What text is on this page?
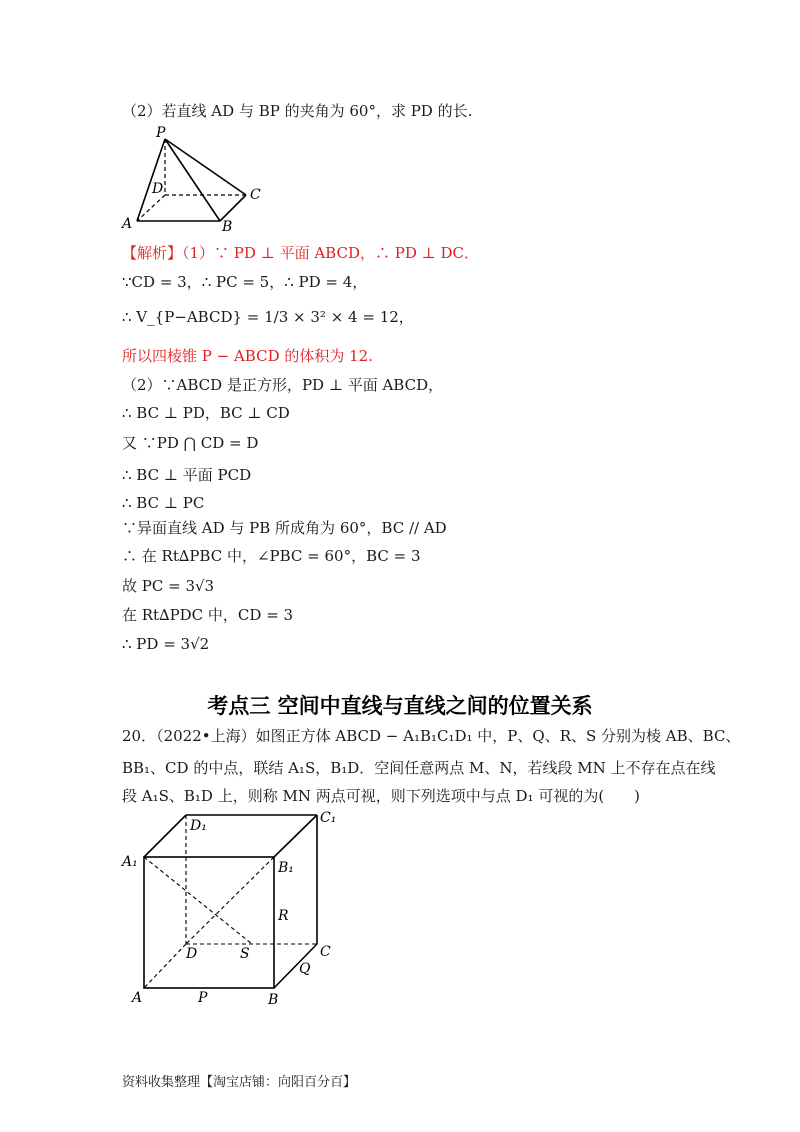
（2）若直线 AD 与 BP 的夹角为 60°，求 PD 的长.
P
D	C
A	B
【解析】（1）∵ PD ⊥ 平面 ABCD，∴ PD ⊥ DC．
∵CD = 3，∴ PC = 5，∴ PD = 4，
∴ V_{P−ABCD} = 1/3 × 3² × 4 = 12，
所以四棱锥 P − ABCD 的体积为 12.
（2）∵ABCD 是正方形，PD ⊥ 平面 ABCD，
∴ BC ⊥ PD，BC ⊥ CD
又 ∵PD ⋂ CD = D
∴ BC ⊥ 平面 PCD
∴ BC ⊥ PC
∵异面直线 AD 与 PB 所成角为 60°，BC // AD
∴ 在 Rt∆PBC 中，∠PBC = 60°，BC = 3
故 PC = 3√3
在 Rt∆PDC 中，CD = 3
∴ PD = 3√2
考点三 空间中直线与直线之间的位置关系
20．（2022•上海）如图正方体 ABCD − A₁B₁C₁D₁ 中，P、Q、R、S 分别为棱 AB、BC、
BB₁、CD 的中点，联结 A₁S，B₁D．空间任意两点 M、N，若线段 MN 上不存在点在线
段 A₁S、B₁D 上，则称 MN 两点可视，则下列选项中与点 D₁ 可视的为(　　)
D₁	C₁
A₁	B₁
R
D	S	C
Q
A	P	B
资料收集整理【淘宝店铺：向阳百分百】
